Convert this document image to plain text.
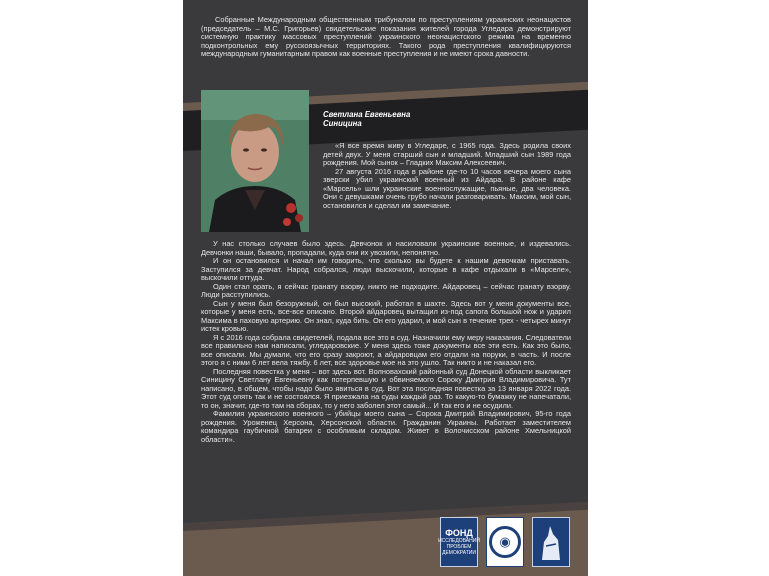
Собранные Международным общественным трибуналом по преступлениям украинских неонацистов (председатель – М.С. Григорьев) свидетельские показания жителей города Угледара демонстрируют системную практику массовых преступлений украинского неонацистского режима на временно подконтрольных ему русскоязычных территориях. Такого рода преступления квалифицируются международным гуманитарным правом как военные преступления и не имеют срока давности.

Светлана Евгеньевна
Синицина

«Я все время живу в Угледаре, с 1965 года. Здесь родила своих детей двух. У меня старший сын и младший. Младший сын 1989 года рождения. Мой сынок – Гладких Максим Алексеевич.

27 августа 2016 года в районе где-то 10 часов вечера моего сына зверски убил украинский военный из Айдара. В районе кафе «Марсель» шли украинские военнослужащие, пьяные, два человека. Они с девушками очень грубо начали разговаривать. Максим, мой сын, остановился и сделал им замечание.

У нас столько случаев было здесь. Девчонок и насиловали украинские военные, и издевались. Девчонки наши, бывало, пропадали, куда они их увозили, непонятно.

И он остановился и начал им говорить, что сколько вы будете к нашим девочкам приставать. Заступился за девчат. Народ собрался, люди выскочили, которые в кафе отдыхали в «Марселе», выскочили оттуда.

Один стал орать, я сейчас гранату взорву, никто не подходите. Айдаровец – сейчас гранату взорву. Люди расступились.

Сын у меня был безоружный, он был высокий, работал в шахте. Здесь вот у меня документы все, которые у меня есть, все-все описано. Второй айдаровец вытащил из-под сапога большой нож и ударил Максима в паховую артерию. Он знал, куда бить. Он его ударил, и мой сын в течение трех - четырех минут истек кровью.

Я с 2016 года собрала свидетелей, подала все это в суд. Назначили ему меру наказания. Следователи все правильно нам написали, угледаровские. У меня здесь тоже документы все эти есть. Как это было, все описали. Мы думали, что его сразу закроют, а айдаровцам его отдали на поруки, в часть. И после этого я с ними 6 лет вела тяжбу. 6 лет, все здоровье мое на это ушло. Так никто и не наказал его.

Последняя повестка у меня – вот здесь вот. Волновахский районный суд Донецкой области выкликает Синицину Светлану Евгеньевну как потерпевшую и обвиняемого Сороку Дмитрия Владимировича. Тут написано, в общем, чтобы надо было явиться в суд. Вот эта последняя повестка за 13 января 2022 года. Этот суд опять так и не состоялся. Я приезжала на суды каждый раз. То какую-то бумажку не напечатали, то он, значит, где-то там на сборах, то у него заболел этот самый... И так его и не осудили.

Фамилия украинского военного – убийцы моего сына – Сорока Дмитрий Владимирович, 95-го года рождения. Уроженец Херсона, Херсонской области. Гражданин Украины. Работает заместителем командира гаубичной батареи с особливым складом. Живет в Волочисском районе Хмельницкой области».

ФОНД
ИССЛЕДОВАНИЙ ПРОБЛЕМ ДЕМОКРАТИИ
◉
